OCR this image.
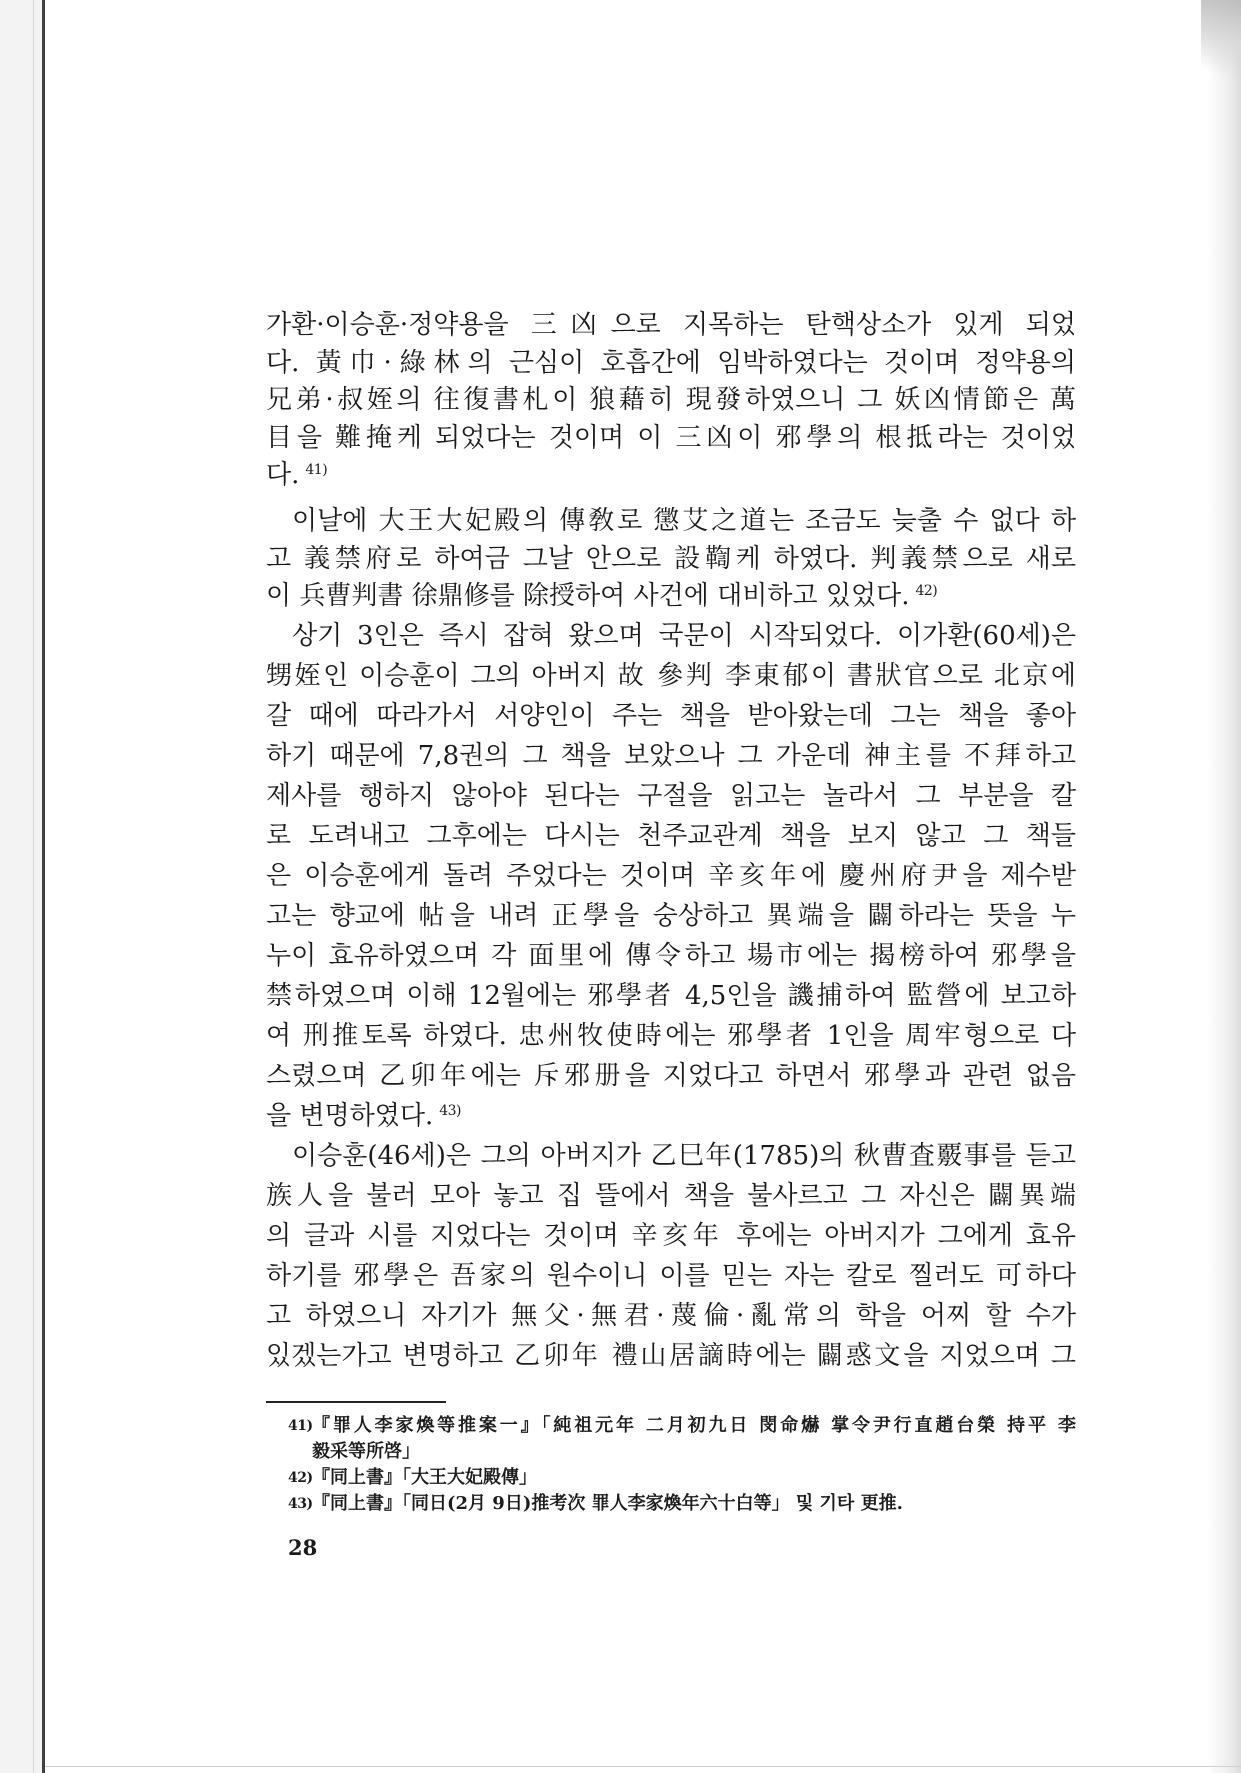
가환·이승훈·정약용을 三凶으로 지목하는 탄핵상소가 있게 되었
다. 黃巾·綠林의 근심이 호흡간에 임박하였다는 것이며 정약용의
兄弟·叔姪의 往復書札이 狼藉히 現發하였으니 그 妖凶情節은 萬
目을 難掩케 되었다는 것이며 이 三凶이 邪學의 根抵라는 것이었
다. $^{41)}$
이날에 大王大妃殿의 傳敎로 懲艾之道는 조금도 늦출 수 없다 하
고 義禁府로 하여금 그날 안으로 設鞫케 하였다. 判義禁으로 새로
이 兵曹判書 徐鼎修를 除授하여 사건에 대비하고 있었다. $^{42)}$
상기 3인은 즉시 잡혀 왔으며 국문이 시작되었다. 이가환(60세)은
甥姪인 이승훈이 그의 아버지 故 參判 李東郁이 書狀官으로 北京에
갈 때에 따라가서 서양인이 주는 책을 받아왔는데 그는 책을 좋아
하기 때문에 7,8권의 그 책을 보았으나 그 가운데 神主를 不拜하고
제사를 행하지 않아야 된다는 구절을 읽고는 놀라서 그 부분을 칼
로 도려내고 그후에는 다시는 천주교관계 책을 보지 않고 그 책들
은 이승훈에게 돌려 주었다는 것이며 辛亥年에 慶州府尹을 제수받
고는 향교에 帖을 내려 正學을 숭상하고 異端을 闢하라는 뜻을 누
누이 효유하였으며 각 面里에 傳令하고 場市에는 揭榜하여 邪學을
禁하였으며 이해 12월에는 邪學者 4,5인을 譏捕하여 監營에 보고하
여 刑推토록 하였다. 忠州牧使時에는 邪學者 1인을 周牢형으로 다
스렸으며 乙卯年에는 斥邪册을 지었다고 하면서 邪學과 관련 없음
을 변명하였다. $^{43)}$
이승훈(46세)은 그의 아버지가 乙巳年(1785)의 秋曹査覈事를 듣고
族人을 불러 모아 놓고 집 뜰에서 책을 불사르고 그 자신은 闢異端
의 글과 시를 지었다는 것이며 辛亥年 후에는 아버지가 그에게 효유
하기를 邪學은 吾家의 원수이니 이를 믿는 자는 칼로 찔러도 可하다
고 하였으니 자기가 無父·無君·蔑倫·亂常의 학을 어찌 할 수가
있겠는가고 변명하고 乙卯年 禮山居謫時에는 闢惑文을 지었으며 그
41) 『罪人李家煥等推案一』「純祖元年 二月初九日 閔命爀 掌令尹行直趙台榮 持平 李
毅采等所啓」
42) 『同上書』「大王大妃殿傳」
43) 『同上書』「同日(2月 9日)推考次 罪人李家煥年六十白等」 및 기타 更推.
28
